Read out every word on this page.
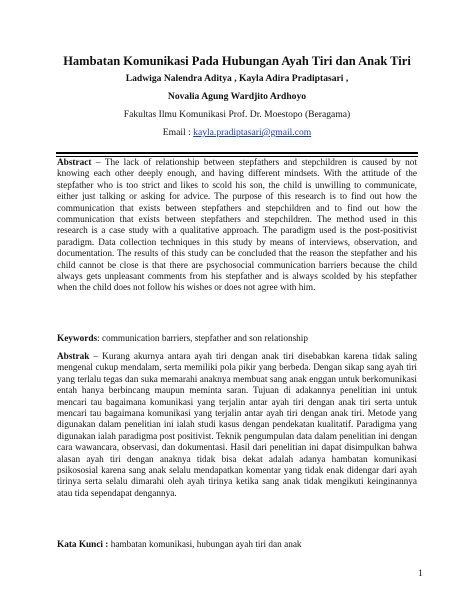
Hambatan Komunikasi Pada Hubungan Ayah Tiri dan Anak Tiri
Ladwiga Nalendra Aditya , Kayla Adira Pradiptasari ,
Novalia Agung Wardjito Ardhoyo
Fakultas Ilmu Komunikasi Prof. Dr. Moestopo (Beragama)
Email : kayla.pradiptasari@gmail.com
Abstract – The lack of relationship between stepfathers and stepchildren is caused by not knowing each other deeply enough, and having different mindsets. With the attitude of the stepfather who is too strict and likes to scold his son, the child is unwilling to communicate, either just talking or asking for advice. The purpose of this research is to find out how the communication that exists between stepfathers and stepchildren and to find out how the communication that exists between stepfathers and stepchildren. The method used in this research is a case study with a qualitative approach. The paradigm used is the post-positivist paradigm. Data collection techniques in this study by means of interviews, observation, and documentation. The results of this study can be concluded that the reason the stepfather and his child cannot be close is that there are psychosocial communication barriers because the child always gets unpleasant comments from his stepfather and is always scolded by his stepfather when the child does not follow his wishes or does not agree with him.
Keywords: communication barriers, stepfather and son relationship
Abstrak – Kurang akurnya antara ayah tiri dengan anak tiri disebabkan karena tidak saling mengenal cukup mendalam, serta memiliki pola pikir yang berbeda. Dengan sikap sang ayah tiri yang terlalu tegas dan suka memarahi anaknya membuat sang anak enggan untuk berkomunikasi entah hanya berbincang maupun meminta saran. Tujuan di adakannya penelitian ini untuk mencari tau bagaimana komunikasi yang terjalin antar ayah tiri dengan anak tiri serta untuk mencari tau bagaimana komunikasi yang terjalin antar ayah tiri dengan anak tiri. Metode yang digunakan dalam penelitian ini ialah studi kasus dengan pendekatan kualitatif. Paradigma yang digunakan ialah paradigma post positivist. Teknik pengumpulan data dalam penelitian ini dengan cara wawancara, observasi, dan dokumentasi. Hasil dari penelitian ini dapat disimpulkan bahwa alasan ayah tiri dengan anaknya tidak bisa dekat adalah adanya hambatan komunikasi psikososial karena sang anak selalu mendapatkan komentar yang tidak enak didengar dari ayah tirinya serta selalu dimarahi oleh ayah tirinya ketika sang anak tidak mengikuti keinginannya atau tida sependapat dengannya.
Kata Kunci : hambatan komunikasi, hubungan ayah tiri dan anak
1
